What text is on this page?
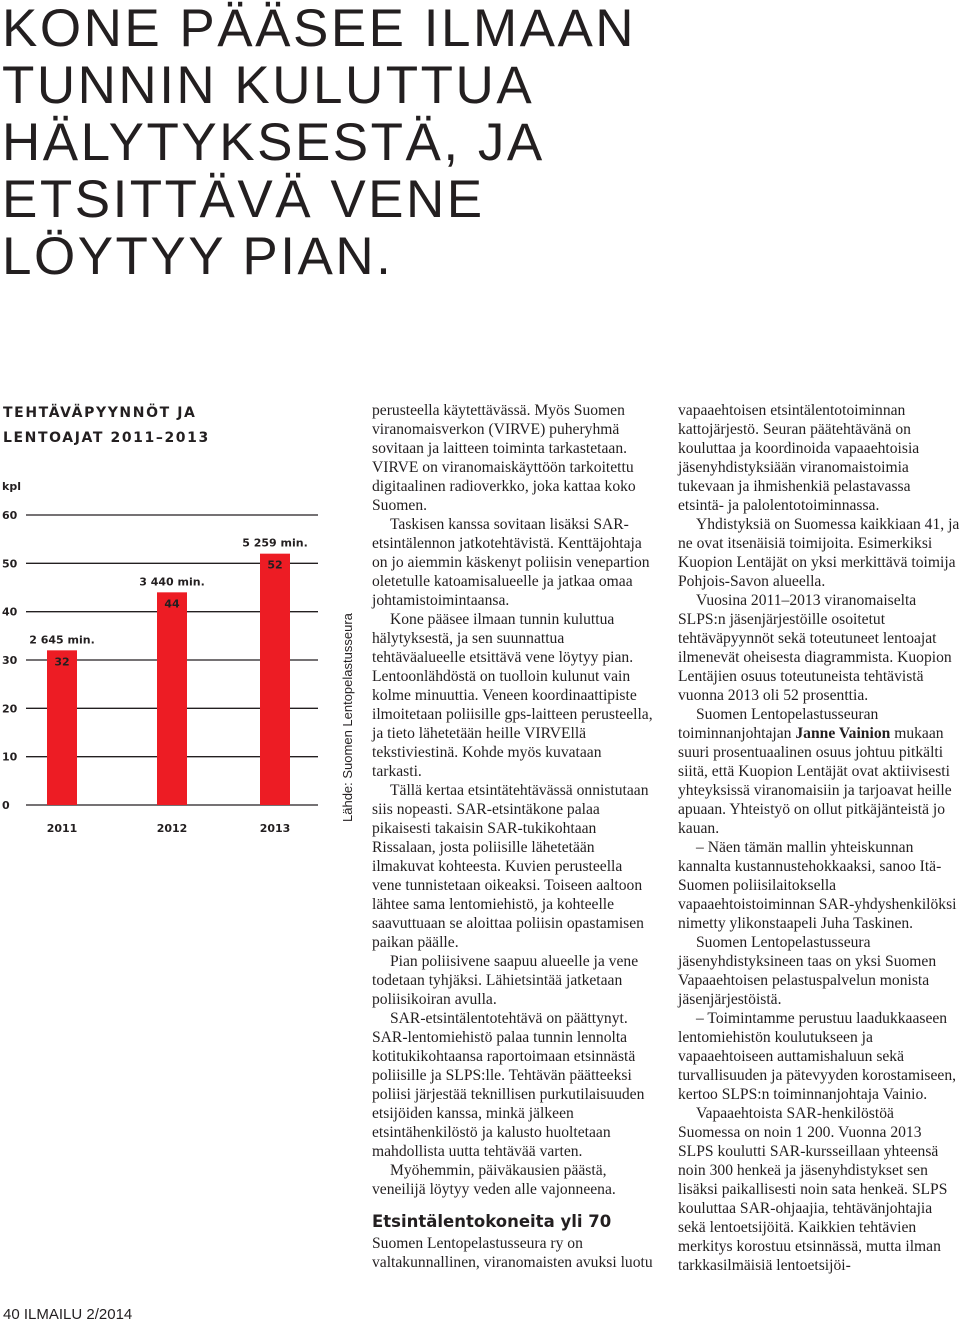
KONE PÄÄSEE ILMAAN
TUNNIN KULUTTUA
HÄLYTYKSESTÄ, JA
ETSITTÄVÄ VENE
LÖYTYY PIAN.
TEHTÄVÄPYYNNÖT JA
LENTOAJAT 2011–2013
kpl
0
10
20
30
40
50
60
32
2 645 min.
2011
44
3 440 min.
2012
52
5 259 min.
2013
Lähde: Suomen Lentopelastusseura

perusteella käytettävässä. Myös Suomen viranomaisverkon (VIRVE) puheryhmä sovitaan ja laitteen toiminta tarkastetaan. VIRVE on viranomaiskäyttöön tarkoitettu digitaalinen radioverkko, joka kattaa koko Suomen.

Taskisen kanssa sovitaan lisäksi SAR-etsintälennon jatkotehtävistä. Kenttäjohtaja on jo aiemmin käskenyt poliisin venepartion oletetulle katoamisalueelle ja jatkaa omaa johtamistoimintaansa.

Kone pääsee ilmaan tunnin kuluttua hälytyksestä, ja sen suunnattua tehtäväalueelle etsittävä vene löytyy pian. Lentoonlähdöstä on tuolloin kulunut vain kolme minuuttia. Veneen koordinaattipiste ilmoitetaan poliisille gps-laitteen perusteella, ja tieto lähetetään heille VIRVEllä tekstiviestinä. Kohde myös kuvataan tarkasti.

Tällä kertaa etsintätehtävässä onnistutaan siis nopeasti. SAR-etsintäkone palaa pikaisesti takaisin SAR-tukikohtaan Rissalaan, josta poliisille lähetetään ilmakuvat kohteesta. Kuvien perusteella vene tunnistetaan oikeaksi. Toiseen aaltoon lähtee sama lentomiehistö, ja kohteelle saavuttuaan se aloittaa poliisin opastamisen paikan päälle.

Pian poliisivene saapuu alueelle ja vene todetaan tyhjäksi. Lähietsintää jatketaan poliisikoiran avulla.

SAR-etsintälentotehtävä on päättynyt. SAR-lentomiehistö palaa tunnin lennolta kotitukikohtaansa raportoimaan etsinnästä poliisille ja SLPS:lle. Tehtävän päätteeksi poliisi järjestää teknillisen purkutilaisuuden etsijöiden kanssa, minkä jälkeen etsintähenkilöstö ja kalusto huoltetaan mahdollista uutta tehtävää varten.

Myöhemmin, päiväkausien päästä, veneilijä löytyy veden alle vajonneena.

Etsintälentokoneita yli 70

Suomen Lentopelastusseura ry on valtakunnallinen, viranomaisten avuksi luotu

vapaaehtoisen etsintälentotoiminnan kattojärjestö. Seuran päätehtävänä on kouluttaa ja koordinoida vapaaehtoisia jäsenyhdistyksiään viranomaistoimia tukevaan ja ihmishenkiä pelastavassa etsintä- ja palolentotoiminnassa.

Yhdistyksiä on Suomessa kaikkiaan 41, ja ne ovat itsenäisiä toimijoita. Esimerkiksi Kuopion Lentäjät on yksi merkittävä toimija Pohjois-Savon alueella.

Vuosina 2011–2013 viranomaiselta SLPS:n jäsenjärjestöille osoitetut tehtäväpyynnöt sekä toteutuneet lentoajat ilmenevät oheisesta diagrammista. Kuopion Lentäjien osuus toteutuneista tehtävistä vuonna 2013 oli 52 prosenttia.

Suomen Lentopelastusseuran toiminnanjohtajan Janne Vainion mukaan suuri prosentuaalinen osuus johtuu pitkälti siitä, että Kuopion Lentäjät ovat aktiivisesti yhteyksissä viranomaisiin ja tarjoavat heille apuaan. Yhteistyö on ollut pitkäjänteistä jo kauan.

– Näen tämän mallin yhteiskunnan kannalta kustannustehokkaaksi, sanoo Itä-Suomen poliisilaitoksella vapaaehtoistoiminnan SAR-yhdyshenkilöksi nimetty ylikonstaapeli Juha Taskinen.

Suomen Lentopelastusseura jäsenyhdistyksineen taas on yksi Suomen Vapaaehtoisen pelastuspalvelun monista jäsenjärjestöistä.

– Toimintamme perustuu laadukkaaseen lentomiehistön koulutukseen ja vapaaehtoiseen auttamishaluun sekä turvallisuuden ja pätevyyden korostamiseen, kertoo SLPS:n toiminnanjohtaja Vainio.

Vapaaehtoista SAR-henkilöstöä Suomessa on noin 1 200. Vuonna 2013 SLPS koulutti SAR-kursseillaan yhteensä noin 300 henkeä ja jäsenyhdistykset sen lisäksi paikallisesti noin sata henkeä. SLPS kouluttaa SAR-ohjaajia, tehtävänjohtajia sekä lentoetsijöitä. Kaikkien tehtävien merkitys korostuu etsinnässä, mutta ilman tarkkasilmäisiä lentoetsijöi-

40 ILMAILU 2/2014
